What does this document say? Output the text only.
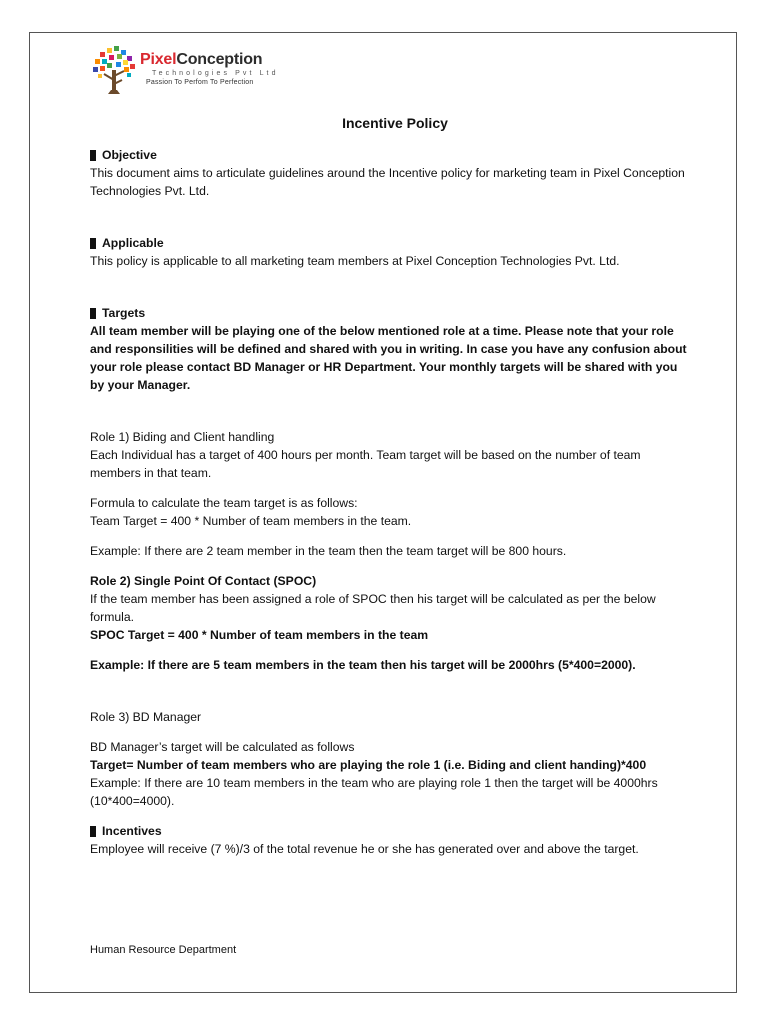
PixelConception
Technologies Pvt Ltd
Passion To Perfom To Perfection
Incentive Policy
Objective

This document aims to articulate guidelines around the Incentive policy for marketing team in Pixel Conception Technologies Pvt. Ltd.

Applicable

This policy is applicable to all marketing team members at Pixel Conception Technologies Pvt. Ltd.

Targets

All team member will be playing one of the below mentioned role at a time. Please note that your role and responsilities will be defined and shared with you in writing. In case you have any confusion about your role please contact BD Manager or HR Department. Your monthly targets will be shared with you by your Manager.

Role 1) Biding and Client handling

Each Individual has a target of 400 hours per month. Team target will be based on the number of team members in that team.

Formula to calculate the team target is as follows:

Team Target = 400 * Number of team members in the team.

Example: If there are 2 team member in the team then the team target will be 800 hours.

Role 2) Single Point Of Contact (SPOC)

If the team member has been assigned a role of SPOC then his target will be calculated as per the below formula.

SPOC Target = 400 * Number of team members in the team

Example: If there are 5 team members in the team then his target will be 2000hrs (5*400=2000).

Role 3) BD Manager

BD Manager’s target will be calculated as follows

Target= Number of team members who are playing the role 1 (i.e. Biding and client handing)*400

Example: If there are 10 team members in the team who are playing role 1 then the target will be 4000hrs (10*400=4000).

Incentives

Employee will receive (7 %)/3 of the total revenue he or she has generated over and above the target.

Human Resource Department
